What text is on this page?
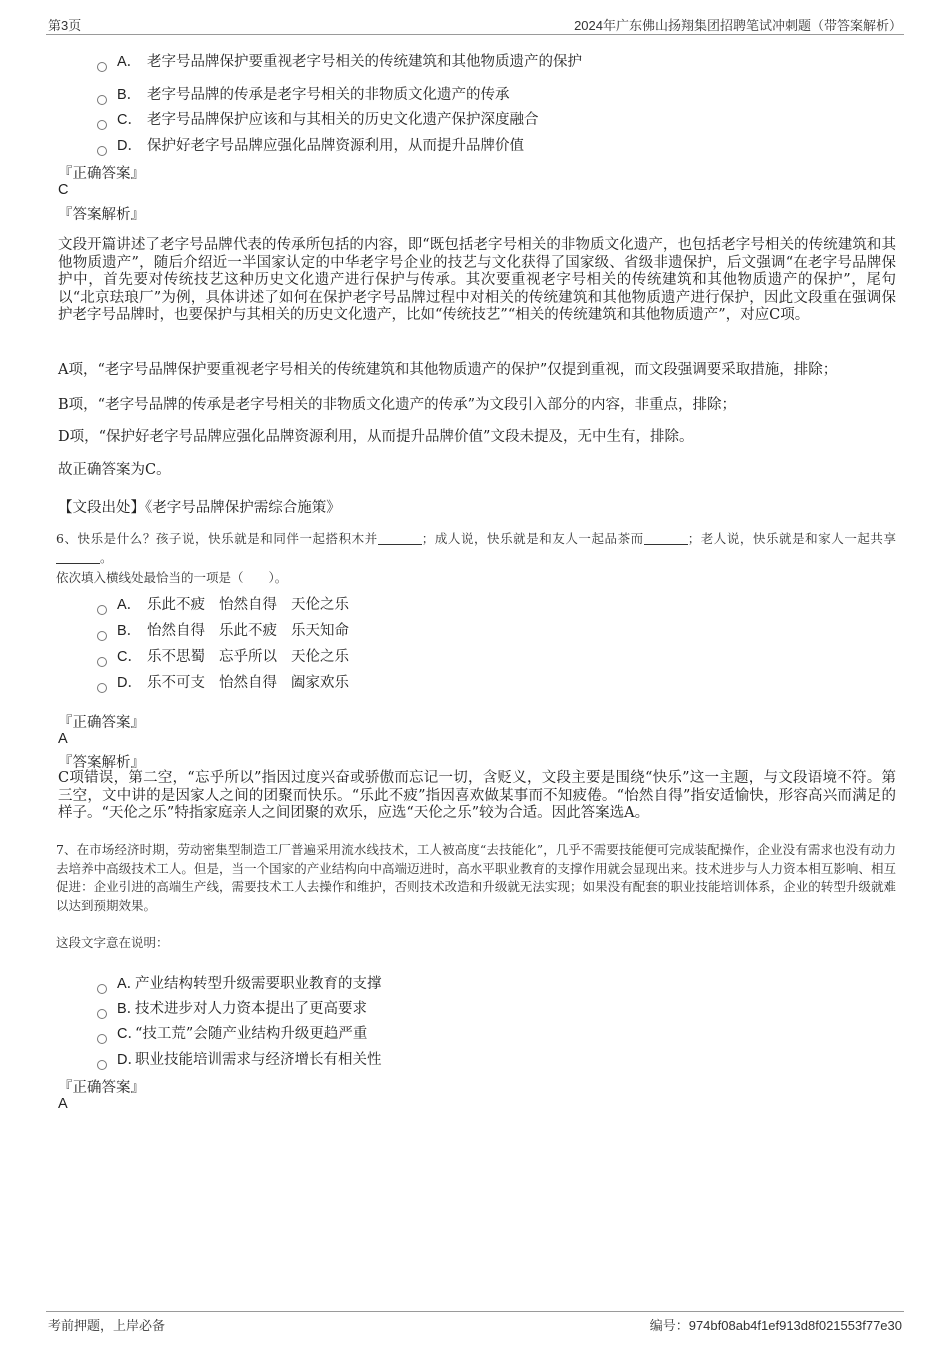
第3页	2024年广东佛山扬翔集团招聘笔试冲刺题（带答案解析）
A． 老字号品牌保护要重视老字号相关的传统建筑和其他物质遗产的保护
B． 老字号品牌的传承是老字号相关的非物质文化遗产的传承
C． 老字号品牌保护应该和与其相关的历史文化遗产保护深度融合
D． 保护好老字号品牌应强化品牌资源利用，从而提升品牌价值
『正确答案』
C
『答案解析』
文段开篇讲述了老字号品牌代表的传承所包括的内容，即“既包括老字号相关的非物质文化遗产，也包括老字号相关的传统建筑和其他物质遗产”，随后介绍近一半国家认定的中华老字号企业的技艺与文化获得了国家级、省级非遗保护，后文强调“在老字号品牌保护中，首先要对传统技艺这种历史文化遗产进行保护与传承。其次要重视老字号相关的传统建筑和其他物质遗产的保护”，尾句以“北京珐琅厂”为例，具体讲述了如何在保护老字号品牌过程中对相关的传统建筑和其他物质遗产进行保护，因此文段重在强调保护老字号品牌时，也要保护与其相关的历史文化遗产，比如“传统技艺”“相关的传统建筑和其他物质遗产”，对应C项。
A项，“老字号品牌保护要重视老字号相关的传统建筑和其他物质遗产的保护”仅提到重视，而文段强调要采取措施，排除；
B项，“老字号品牌的传承是老字号相关的非物质文化遗产的传承”为文段引入部分的内容，非重点，排除；
D项，“保护好老字号品牌应强化品牌资源利用，从而提升品牌价值”文段未提及，无中生有，排除。
故正确答案为C。
【文段出处】《老字号品牌保护需综合施策》
6、快乐是什么？孩子说，快乐就是和同伴一起搭积木并	；成人说，快乐就是和友人一起品茶而	；老人说，快乐就是和家人一起共享。
依次填入横线处最恰当的一项是（　　）。
A． 乐此不疲 怡然自得 天伦之乐
B． 怡然自得 乐此不疲 乐天知命
C． 乐不思蜀 忘乎所以 天伦之乐
D． 乐不可支 怡然自得 阖家欢乐
『正确答案』
A
『答案解析』
C项错误，第二空，“忘乎所以”指因过度兴奋或骄傲而忘记一切，含贬义，文段主要是围绕“快乐”这一主题，与文段语境不符。第三空，文中讲的是因家人之间的团聚而快乐。“乐此不疲”指因喜欢做某事而不知疲倦。“怡然自得”指安适愉快，形容高兴而满足的样子。“天伦之乐”特指家庭亲人之间团聚的欢乐，应选“天伦之乐”较为合适。因此答案选A。
7、在市场经济时期，劳动密集型制造工厂普遍采用流水线技术，工人被高度“去技能化”，几乎不需要技能便可完成装配操作，企业没有需求也没有动力去培养中高级技术工人。但是，当一个国家的产业结构向中高端迈进时，高水平职业教育的支撑作用就会显现出来。技术进步与人力资本相互影响、相互促进：企业引进的高端生产线，需要技术工人去操作和维护，否则技术改造和升级就无法实现；如果没有配套的职业技能培训体系，企业的转型升级就难以达到预期效果。
这段文字意在说明：
A．产业结构转型升级需要职业教育的支撑
B．技术进步对人力资本提出了更高要求
C．“技工荒”会随产业结构升级更趋严重
D．职业技能培训需求与经济增长有相关性
『正确答案』
A
考前押题，上岸必备	编号：974bf08ab4f1ef913d8f021553f77e30
